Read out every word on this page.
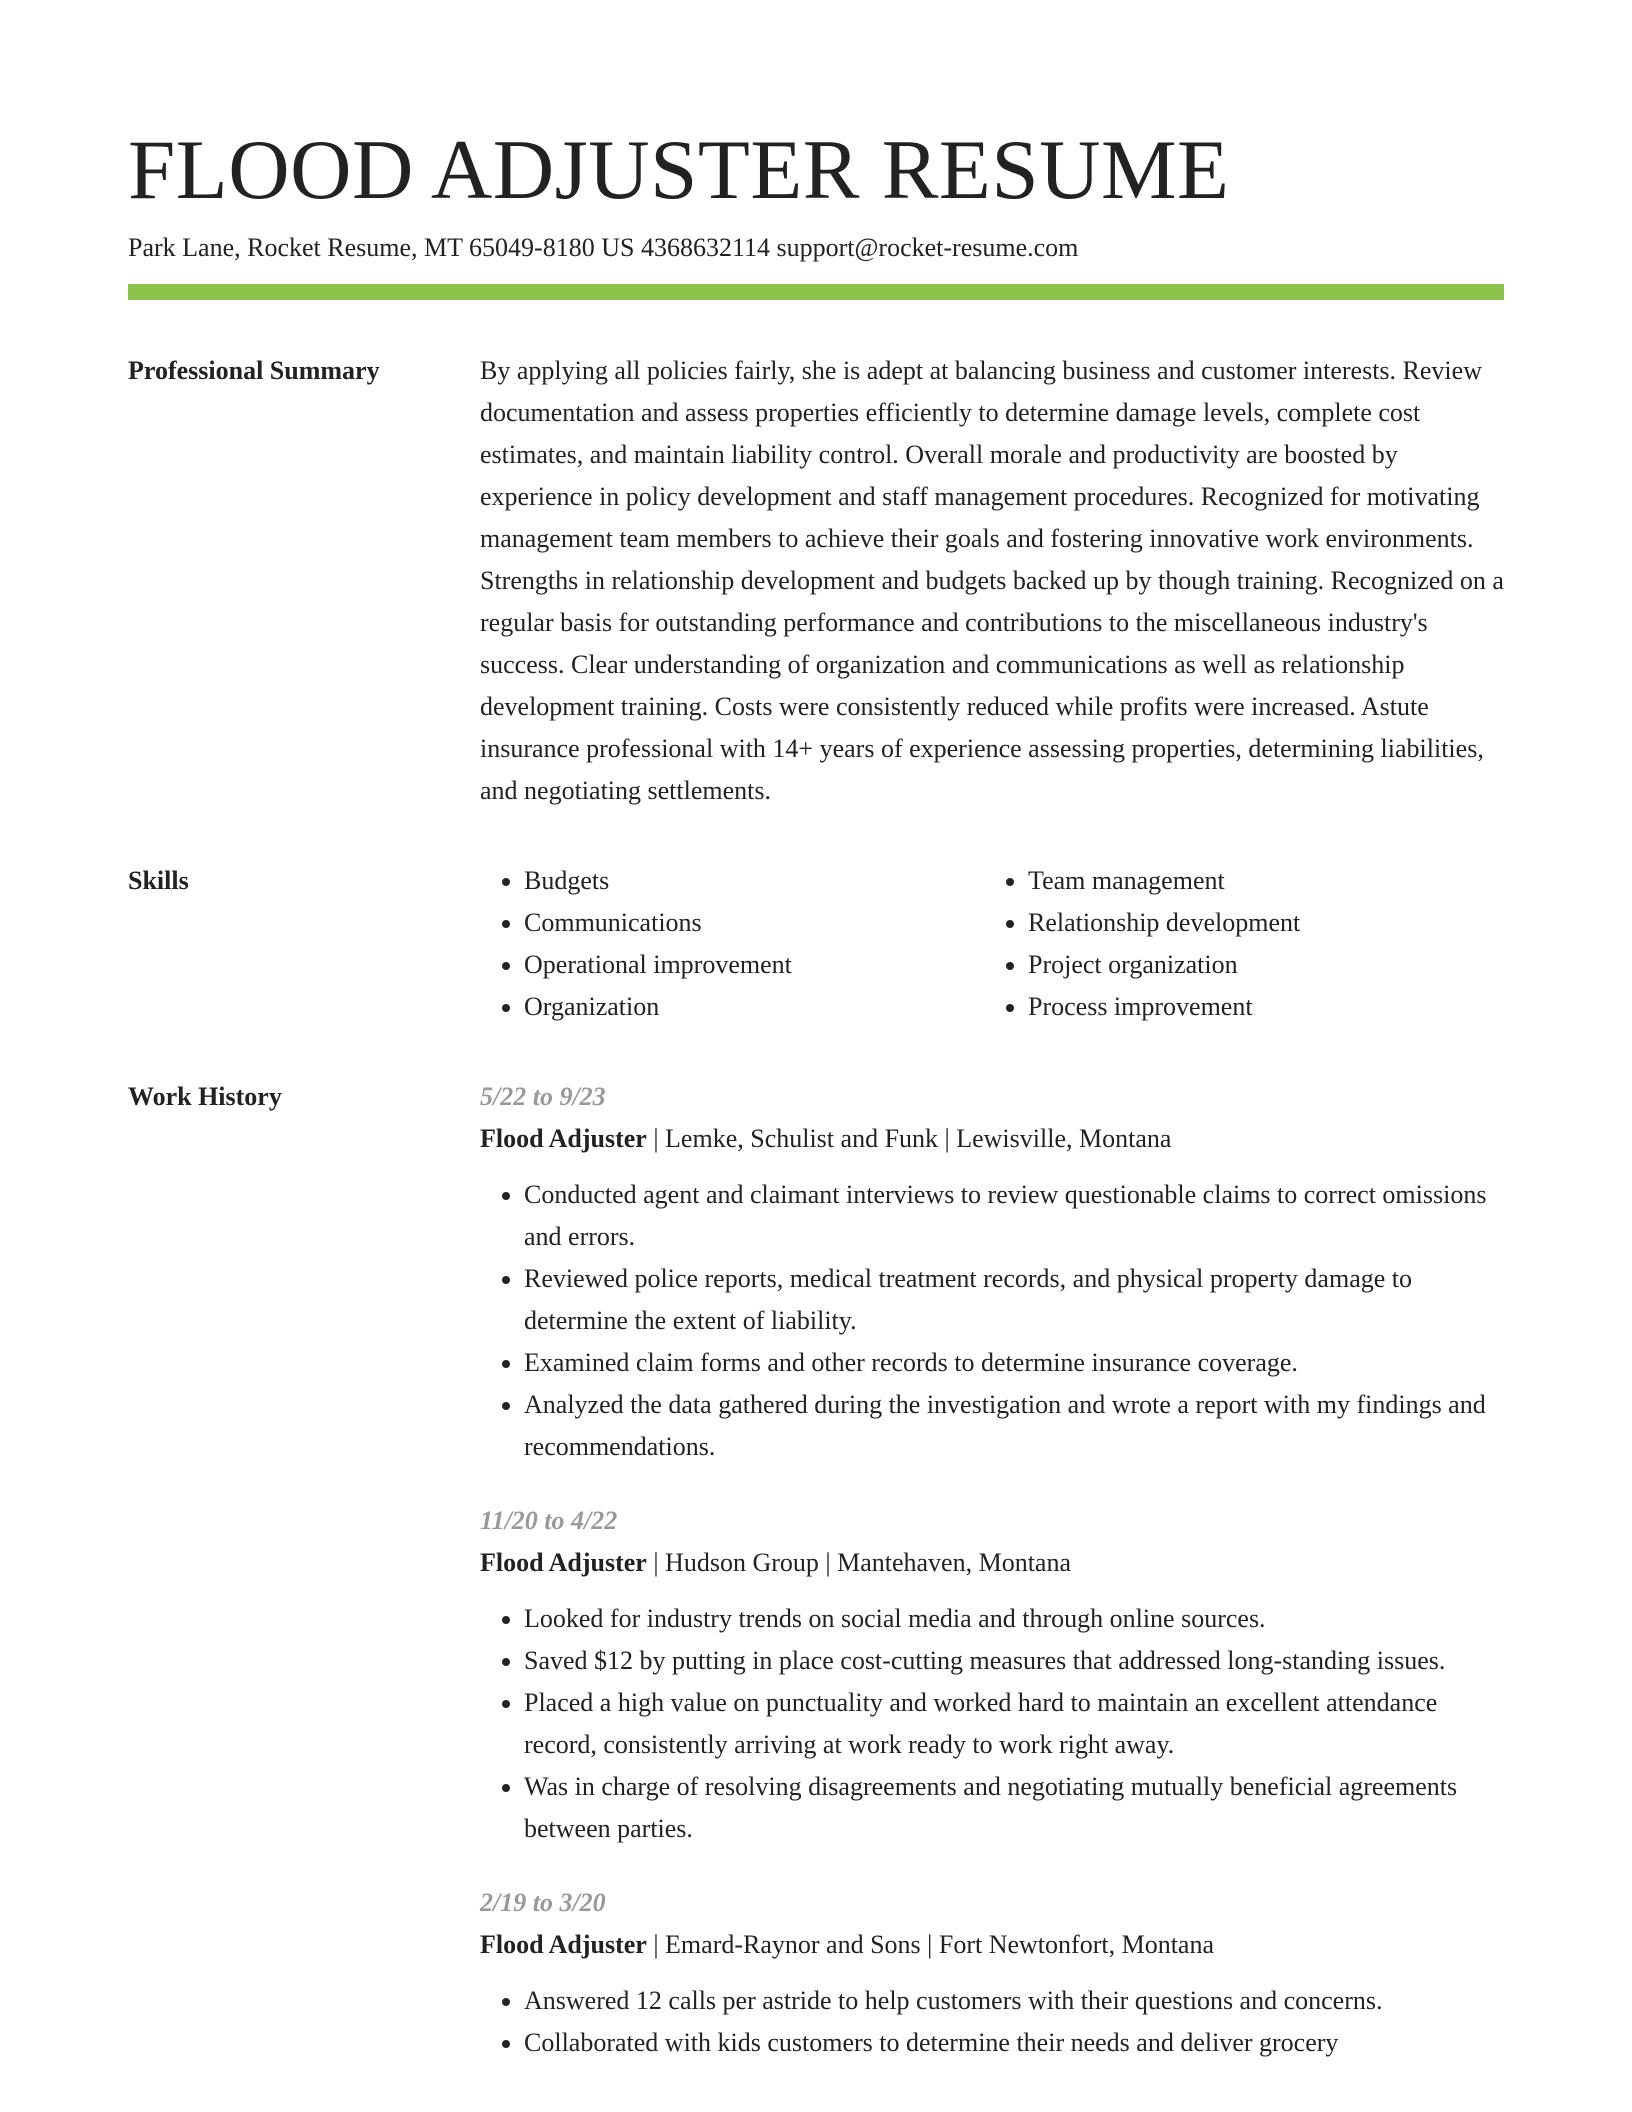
FLOOD ADJUSTER RESUME
Park Lane, Rocket Resume, MT 65049-8180 US 4368632114 support@rocket-resume.com
Professional Summary	By applying all policies fairly, she is adept at balancing business and customer interests. Review documentation and assess properties efficiently to determine damage levels, complete cost estimates, and maintain liability control. Overall morale and productivity are boosted by experience in policy development and staff management procedures. Recognized for motivating management team members to achieve their goals and fostering innovative work environments. Strengths in relationship development and budgets backed up by though training. Recognized on a regular basis for outstanding performance and contributions to the miscellaneous industry's success. Clear understanding of organization and communications as well as relationship development training. Costs were consistently reduced while profits were increased. Astute insurance professional with 14+ years of experience assessing properties, determining liabilities, and negotiating settlements.

Skills
•	Budgets
• Communications
• Operational improvement
• Organization
• Team management
• Relationship development
• Project organization
• Process improvement
Work History	5/22 to 9/23
Flood Adjuster | Lemke, Schulist and Funk | Lewisville, Montana
• Conducted agent and claimant interviews to review questionable claims to correct omissions and errors.
• Reviewed police reports, medical treatment records, and physical property damage to determine the extent of liability.
• Examined claim forms and other records to determine insurance coverage.
• Analyzed the data gathered during the investigation and wrote a report with my findings and recommendations.
11/20 to 4/22
Flood Adjuster | Hudson Group | Mantehaven, Montana
• Looked for industry trends on social media and through online sources.
• Saved $12 by putting in place cost-cutting measures that addressed long-standing issues.
• Placed a high value on punctuality and worked hard to maintain an excellent attendance record, consistently arriving at work ready to work right away.
• Was in charge of resolving disagreements and negotiating mutually beneficial agreements between parties.
2/19 to 3/20
Flood Adjuster | Emard-Raynor and Sons | Fort Newtonfort, Montana
• Answered 12 calls per astride to help customers with their questions and concerns.
• Collaborated with kids customers to determine their needs and deliver grocery
